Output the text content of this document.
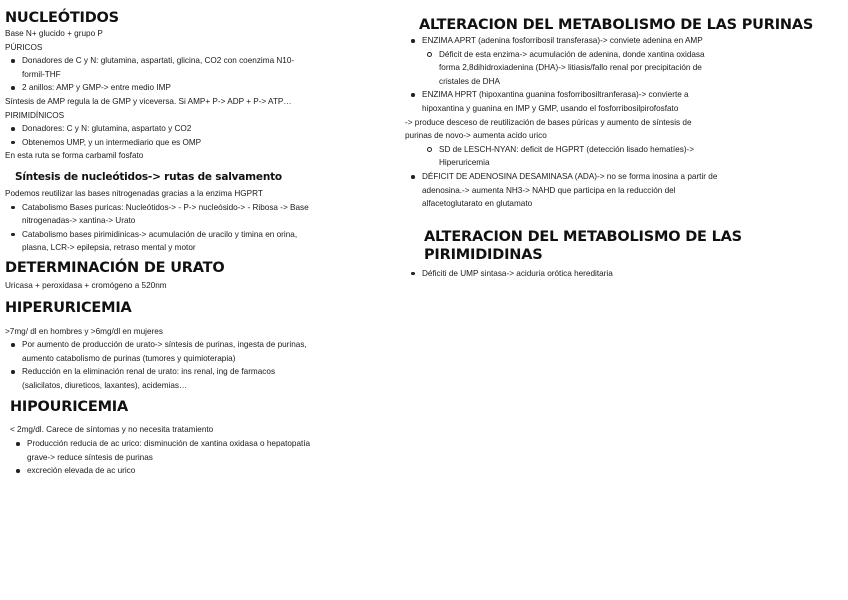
NUCLEÓTIDOS
Base N+ glucido + grupo P
PÚRICOS
Donadores de C y N: glutamina, aspartati, glicina, CO2 con coenzima N10-
formil-THF
2 anillos: AMP y GMP-> entre medio IMP
Síntesis de AMP regula la de GMP y viceversa. Si AMP+ P-> ADP + P-> ATP…
PIRIMIDÍNICOS
Donadores: C y N: glutamina, aspartato y CO2
Obtenemos UMP, y un intermediario que es OMP
En esta ruta se forma carbamil fosfato
Síntesis de nucleótidos-> rutas de salvamento
Podemos reutilizar las bases nitrogenadas gracias a la enzima HGPRT
Catabolismo Bases puricas: Nucleótidos-> - P-> nucleósido-> - Ribosa -> Base
nitrogenadas-> xantina-> Urato
Catabolismo bases pirimidinicas-> acumulación de uracilo y timina en orina,
plasna, LCR-> epilepsia, retraso mental y motor
DETERMINACIÓN DE URATO
Uricasa + peroxidasa + cromógeno a 520nm
HIPERURICEMIA
>7mg/ dl en hombres y >6mg/dl en mujeres
Por aumento de producción de urato-> síntesis de purinas, ingesta de purinas,
aumento catabolismo de purinas (tumores y quimioterapia)
Reducción en la eliminación renal de urato: ins renal, ing de farmacos
(salicilatos, diureticos, laxantes), acidemias…
HIPOURICEMIA
< 2mg/dl. Carece de síntomas y no necesita tratamiento
Producción reducia de ac urico: disminución de xantina oxidasa o hepatopatía
grave-> reduce síntesis de purinas
excreción elevada de ac urico
ALTERACION DEL METABOLISMO DE LAS PURINAS
ENZIMA APRT (adenina fosforribosil transferasa)-> conviete adenina en AMP
Déficit de esta enzima-> acumulación de adenina, donde xantina oxidasa
forma 2,8dihidroxiadenina (DHA)-> litiasis/fallo renal por precipitación de
cristales de DHA
ENZIMA HPRT (hipoxantina guanina fosforribosiltranferasa)-> convierte a
hipoxantina y guanina en IMP y GMP, usando el fosforribosilpirofosfato
-> produce desceso de reutilización de bases púricas y aumento de síntesis de
purinas de novo-> aumenta acido urico
SD de LESCH-NYAN: deficit de HGPRT (detección lisado hematíes)->
Hiperuricemia
DÉFICIT DE ADENOSINA DESAMINASA (ADA)-> no se forma inosina a partir de
adenosina.-> aumenta NH3-> NAHD que participa en la reducción del
alfacetoglutarato en glutamato
ALTERACION DEL METABOLISMO DE LAS PIRIMIDIDINAS
Déficiti de UMP sintasa-> aciduria orótica hereditaria
